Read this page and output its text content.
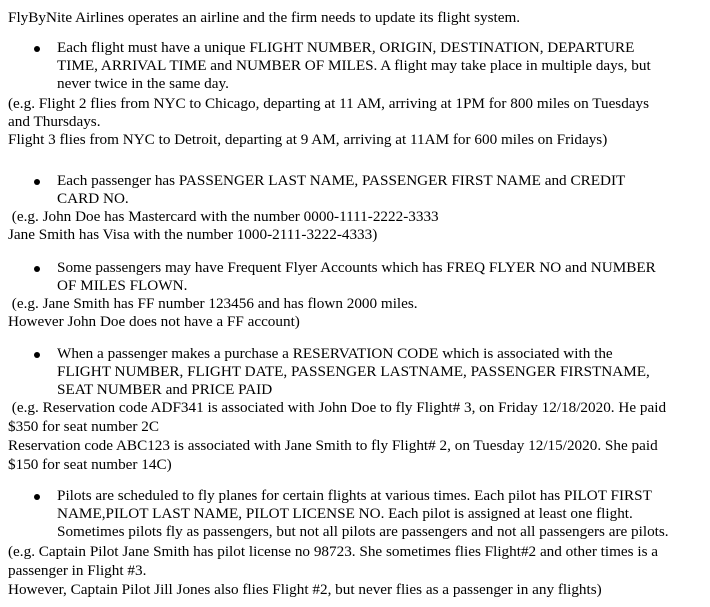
FlyByNite Airlines operates an airline and the firm needs to update its flight system.
Each flight must have a unique FLIGHT NUMBER, ORIGIN, DESTINATION, DEPARTURE
TIME, ARRIVAL TIME and NUMBER OF MILES. A flight may take place in multiple days, but
never twice in the same day.
(e.g. Flight 2 flies from NYC to Chicago, departing at 11 AM, arriving at 1PM for 800 miles on Tuesdays
and Thursdays.
Flight 3 flies from NYC to Detroit, departing at 9 AM, arriving at 11AM for 600 miles on Fridays)
Each passenger has PASSENGER LAST NAME, PASSENGER FIRST NAME and CREDIT
CARD NO.
(e.g. John Doe has Mastercard with the number 0000-1111-2222-3333
Jane Smith has Visa with the number 1000-2111-3222-4333)
Some passengers may have Frequent Flyer Accounts which has FREQ FLYER NO and NUMBER
OF MILES FLOWN.
(e.g. Jane Smith has FF number 123456 and has flown 2000 miles.
However John Doe does not have a FF account)
When a passenger makes a purchase a RESERVATION CODE which is associated with the
FLIGHT NUMBER, FLIGHT DATE, PASSENGER LASTNAME, PASSENGER FIRSTNAME,
SEAT NUMBER and PRICE PAID
(e.g. Reservation code ADF341 is associated with John Doe to fly Flight# 3, on Friday 12/18/2020. He paid
$350 for seat number 2C
Reservation code ABC123 is associated with Jane Smith to fly Flight# 2, on Tuesday 12/15/2020. She paid
$150 for seat number 14C)
Pilots are scheduled to fly planes for certain flights at various times. Each pilot has PILOT FIRST
NAME,PILOT LAST NAME, PILOT LICENSE NO. Each pilot is assigned at least one flight.
Sometimes pilots fly as passengers, but not all pilots are passengers and not all passengers are pilots.
(e.g. Captain Pilot Jane Smith has pilot license no 98723. She sometimes flies Flight#2 and other times is a
passenger in Flight #3.
However, Captain Pilot Jill Jones also flies Flight #2, but never flies as a passenger in any flights)
